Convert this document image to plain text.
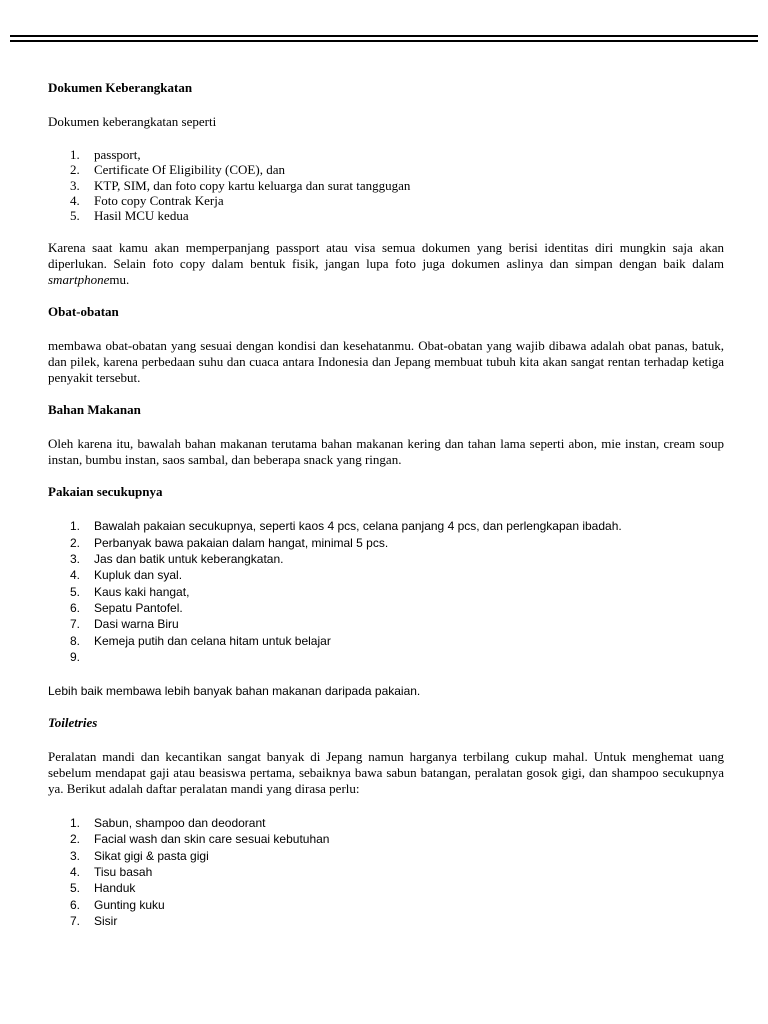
Dokumen Keberangkatan

Dokumen keberangkatan seperti

1. passport,
2. Certificate Of Eligibility (COE), dan
3. KTP, SIM, dan foto copy kartu keluarga dan surat tanggugan
4. Foto copy Contrak Kerja
5. Hasil MCU kedua

Karena saat kamu akan memperpanjang passport atau visa semua dokumen yang berisi identitas diri mungkin saja akan diperlukan. Selain foto copy dalam bentuk fisik, jangan lupa foto juga dokumen aslinya dan simpan dengan baik dalam smartphonemu.

Obat-obatan

membawa obat-obatan yang sesuai dengan kondisi dan kesehatanmu. Obat-obatan yang wajib dibawa adalah obat panas, batuk, dan pilek, karena perbedaan suhu dan cuaca antara Indonesia dan Jepang membuat tubuh kita akan sangat rentan terhadap ketiga penyakit tersebut.

Bahan Makanan

Oleh karena itu, bawalah bahan makanan terutama bahan makanan kering dan tahan lama seperti abon, mie instan, cream soup instan, bumbu instan, saos sambal, dan beberapa snack yang ringan.

Pakaian secukupnya

1. Bawalah pakaian secukupnya, seperti kaos 4 pcs, celana panjang 4 pcs, dan perlengkapan ibadah.
2. Perbanyak bawa pakaian dalam hangat, minimal 5 pcs.
3. Jas dan batik untuk keberangkatan.
4. Kupluk dan syal.
5. Kaus kaki hangat,
6. Sepatu Pantofel.
7. Dasi warna Biru
8. Kemeja putih dan celana hitam untuk belajar
9.

Lebih baik membawa lebih banyak bahan makanan daripada pakaian.

Toiletries

Peralatan mandi dan kecantikan sangat banyak di Jepang namun harganya terbilang cukup mahal. Untuk menghemat uang sebelum mendapat gaji atau beasiswa pertama, sebaiknya bawa sabun batangan, peralatan gosok gigi, dan shampoo secukupnya ya. Berikut adalah daftar peralatan mandi yang dirasa perlu:

1. Sabun, shampoo dan deodorant
2. Facial wash dan skin care sesuai kebutuhan
3. Sikat gigi & pasta gigi
4. Tisu basah
5. Handuk
6. Gunting kuku
7. Sisir
